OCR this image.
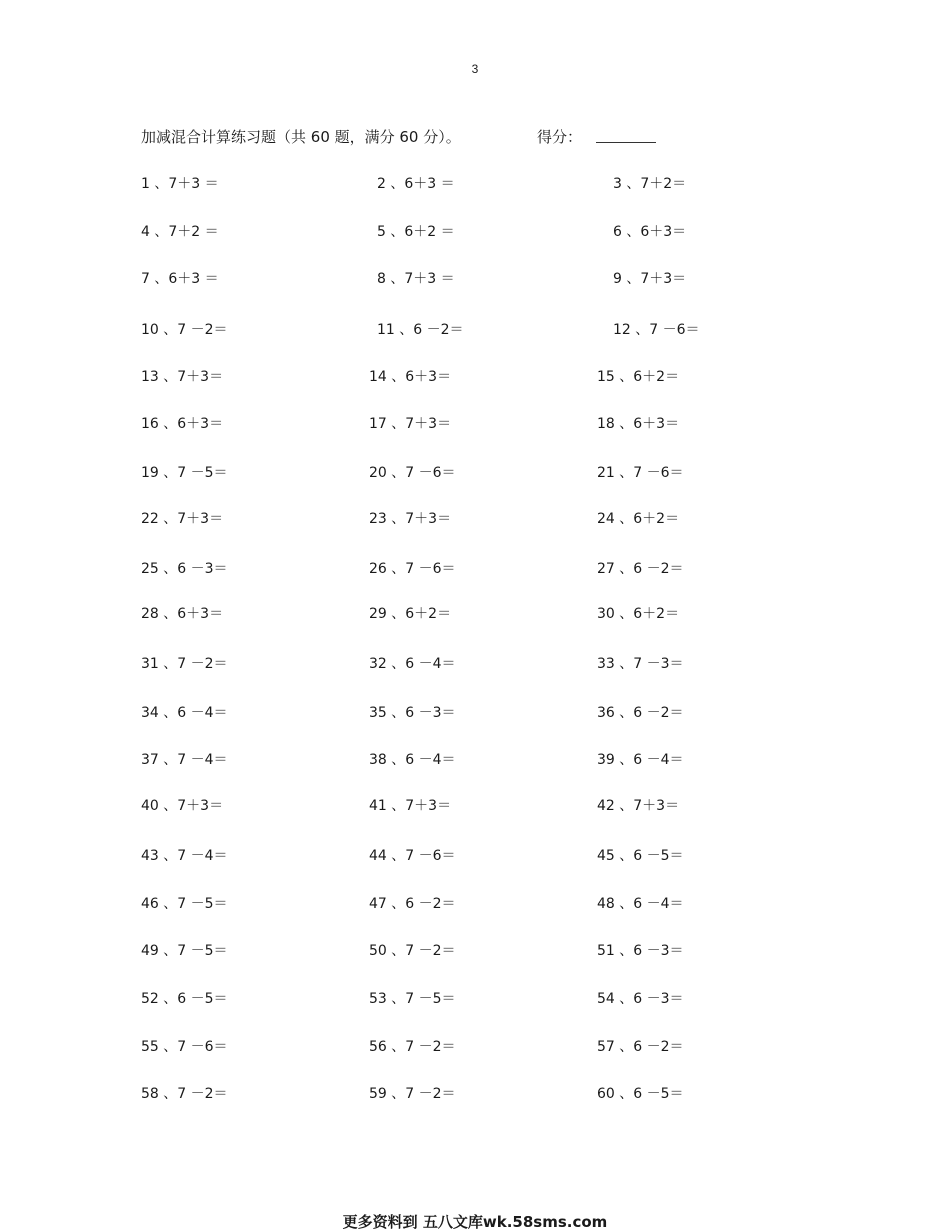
3
加减混合计算练习题（共 60 题，满分 60 分）。	得分：
1 、7＋3 ＝	2 、6＋3 ＝	3 、7＋2＝
4 、7＋2 ＝	5 、6＋2 ＝	6 、6＋3＝
7 、6＋3 ＝	8 、7＋3 ＝	9 、7＋3＝
10 、7 －2＝	11 、6 －2＝	12 、7 －6＝
13 、7＋3＝	14 、6＋3＝	15 、6＋2＝
16 、6＋3＝	17 、7＋3＝	18 、6＋3＝
19 、7 －5＝	20 、7 －6＝	21 、7 －6＝
22 、7＋3＝	23 、7＋3＝	24 、6＋2＝
25 、6 －3＝	26 、7 －6＝	27 、6 －2＝
28 、6＋3＝	29 、6＋2＝	30 、6＋2＝
31 、7 －2＝	32 、6 －4＝	33 、7 －3＝
34 、6 －4＝	35 、6 －3＝	36 、6 －2＝
37 、7 －4＝	38 、6 －4＝	39 、6 －4＝
40 、7＋3＝	41 、7＋3＝	42 、7＋3＝
43 、7 －4＝	44 、7 －6＝	45 、6 －5＝
46 、7 －5＝	47 、6 －2＝	48 、6 －4＝
49 、7 －5＝	50 、7 －2＝	51 、6 －3＝
52 、6 －5＝	53 、7 －5＝	54 、6 －3＝
55 、7 －6＝	56 、7 －2＝	57 、6 －2＝
58 、7 －2＝	59 、7 －2＝	60 、6 －5＝
更多资料到 五八文库wk.58sms.com
